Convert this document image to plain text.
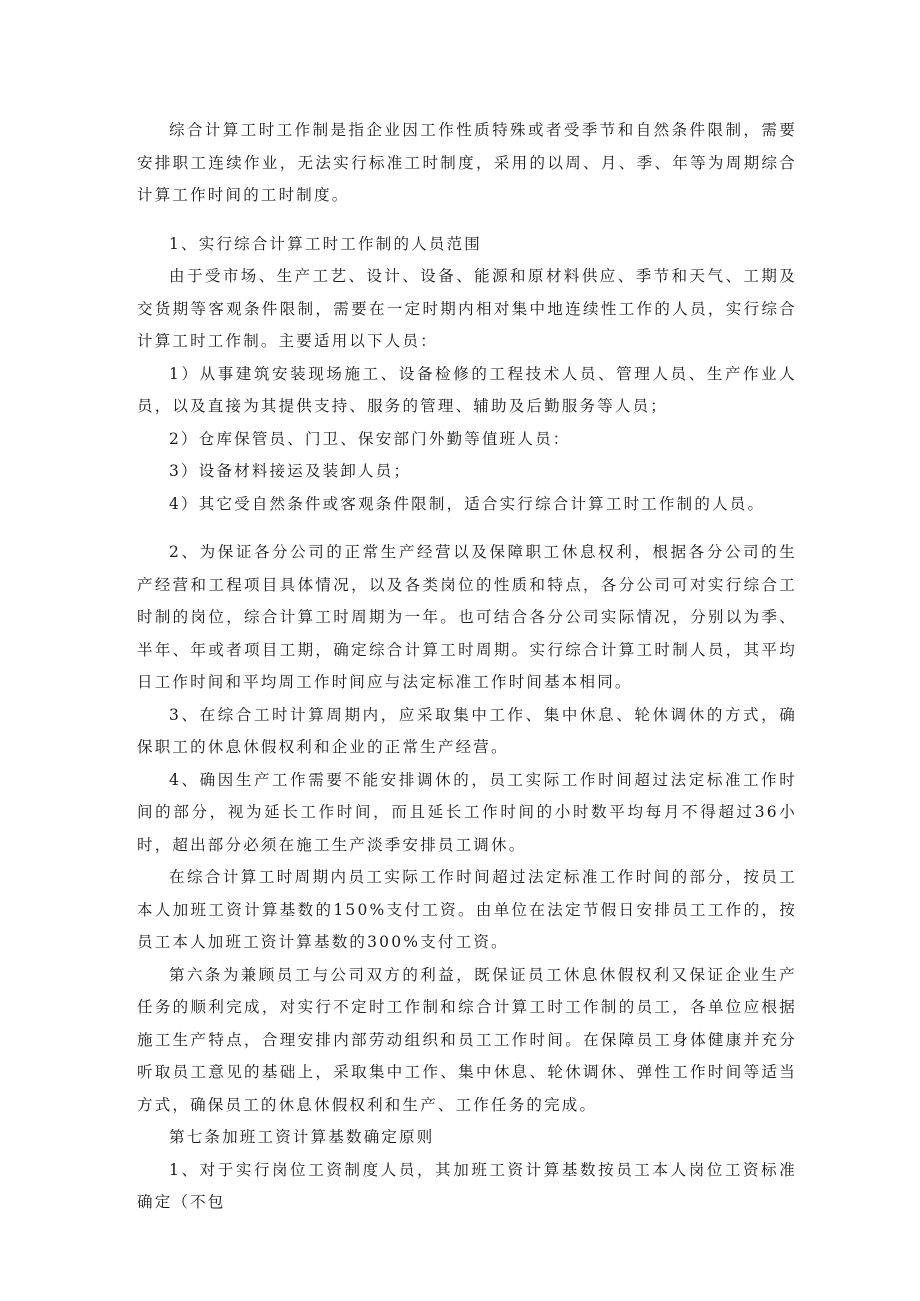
综合计算工时工作制是指企业因工作性质特殊或者受季节和自然条件限制，需要安排职工连续作业，无法实行标准工时制度，采用的以周、月、季、年等为周期综合计算工作时间的工时制度。

1、实行综合计算工时工作制的人员范围

由于受市场、生产工艺、设计、设备、能源和原材料供应、季节和天气、工期及交货期等客观条件限制，需要在一定时期内相对集中地连续性工作的人员，实行综合计算工时工作制。主要适用以下人员：

1）从事建筑安装现场施工、设备检修的工程技术人员、管理人员、生产作业人员，以及直接为其提供支持、服务的管理、辅助及后勤服务等人员；

2）仓库保管员、门卫、保安部门外勤等值班人员：

3）设备材料接运及装卸人员；

4）其它受自然条件或客观条件限制，适合实行综合计算工时工作制的人员。

2、为保证各分公司的正常生产经营以及保障职工休息权利，根据各分公司的生产经营和工程项目具体情况，以及各类岗位的性质和特点，各分公司可对实行综合工时制的岗位，综合计算工时周期为一年。也可结合各分公司实际情况，分别以为季、半年、年或者项目工期，确定综合计算工时周期。实行综合计算工时制人员，其平均日工作时间和平均周工作时间应与法定标准工作时间基本相同。

3、在综合工时计算周期内，应采取集中工作、集中休息、轮休调休的方式，确保职工的休息休假权利和企业的正常生产经营。

4、确因生产工作需要不能安排调休的，员工实际工作时间超过法定标准工作时间的部分，视为延长工作时间，而且延长工作时间的小时数平均每月不得超过36小时，超出部分必须在施工生产淡季安排员工调休。

在综合计算工时周期内员工实际工作时间超过法定标准工作时间的部分，按员工本人加班工资计算基数的150%支付工资。由单位在法定节假日安排员工工作的，按员工本人加班工资计算基数的300%支付工资。

第六条为兼顾员工与公司双方的利益，既保证员工休息休假权利又保证企业生产任务的顺利完成，对实行不定时工作制和综合计算工时工作制的员工，各单位应根据施工生产特点，合理安排内部劳动组织和员工工作时间。在保障员工身体健康并充分听取员工意见的基础上，采取集中工作、集中休息、轮休调休、弹性工作时间等适当方式，确保员工的休息休假权利和生产、工作任务的完成。

第七条加班工资计算基数确定原则

1、对于实行岗位工资制度人员，其加班工资计算基数按员工本人岗位工资标准确定（不包
